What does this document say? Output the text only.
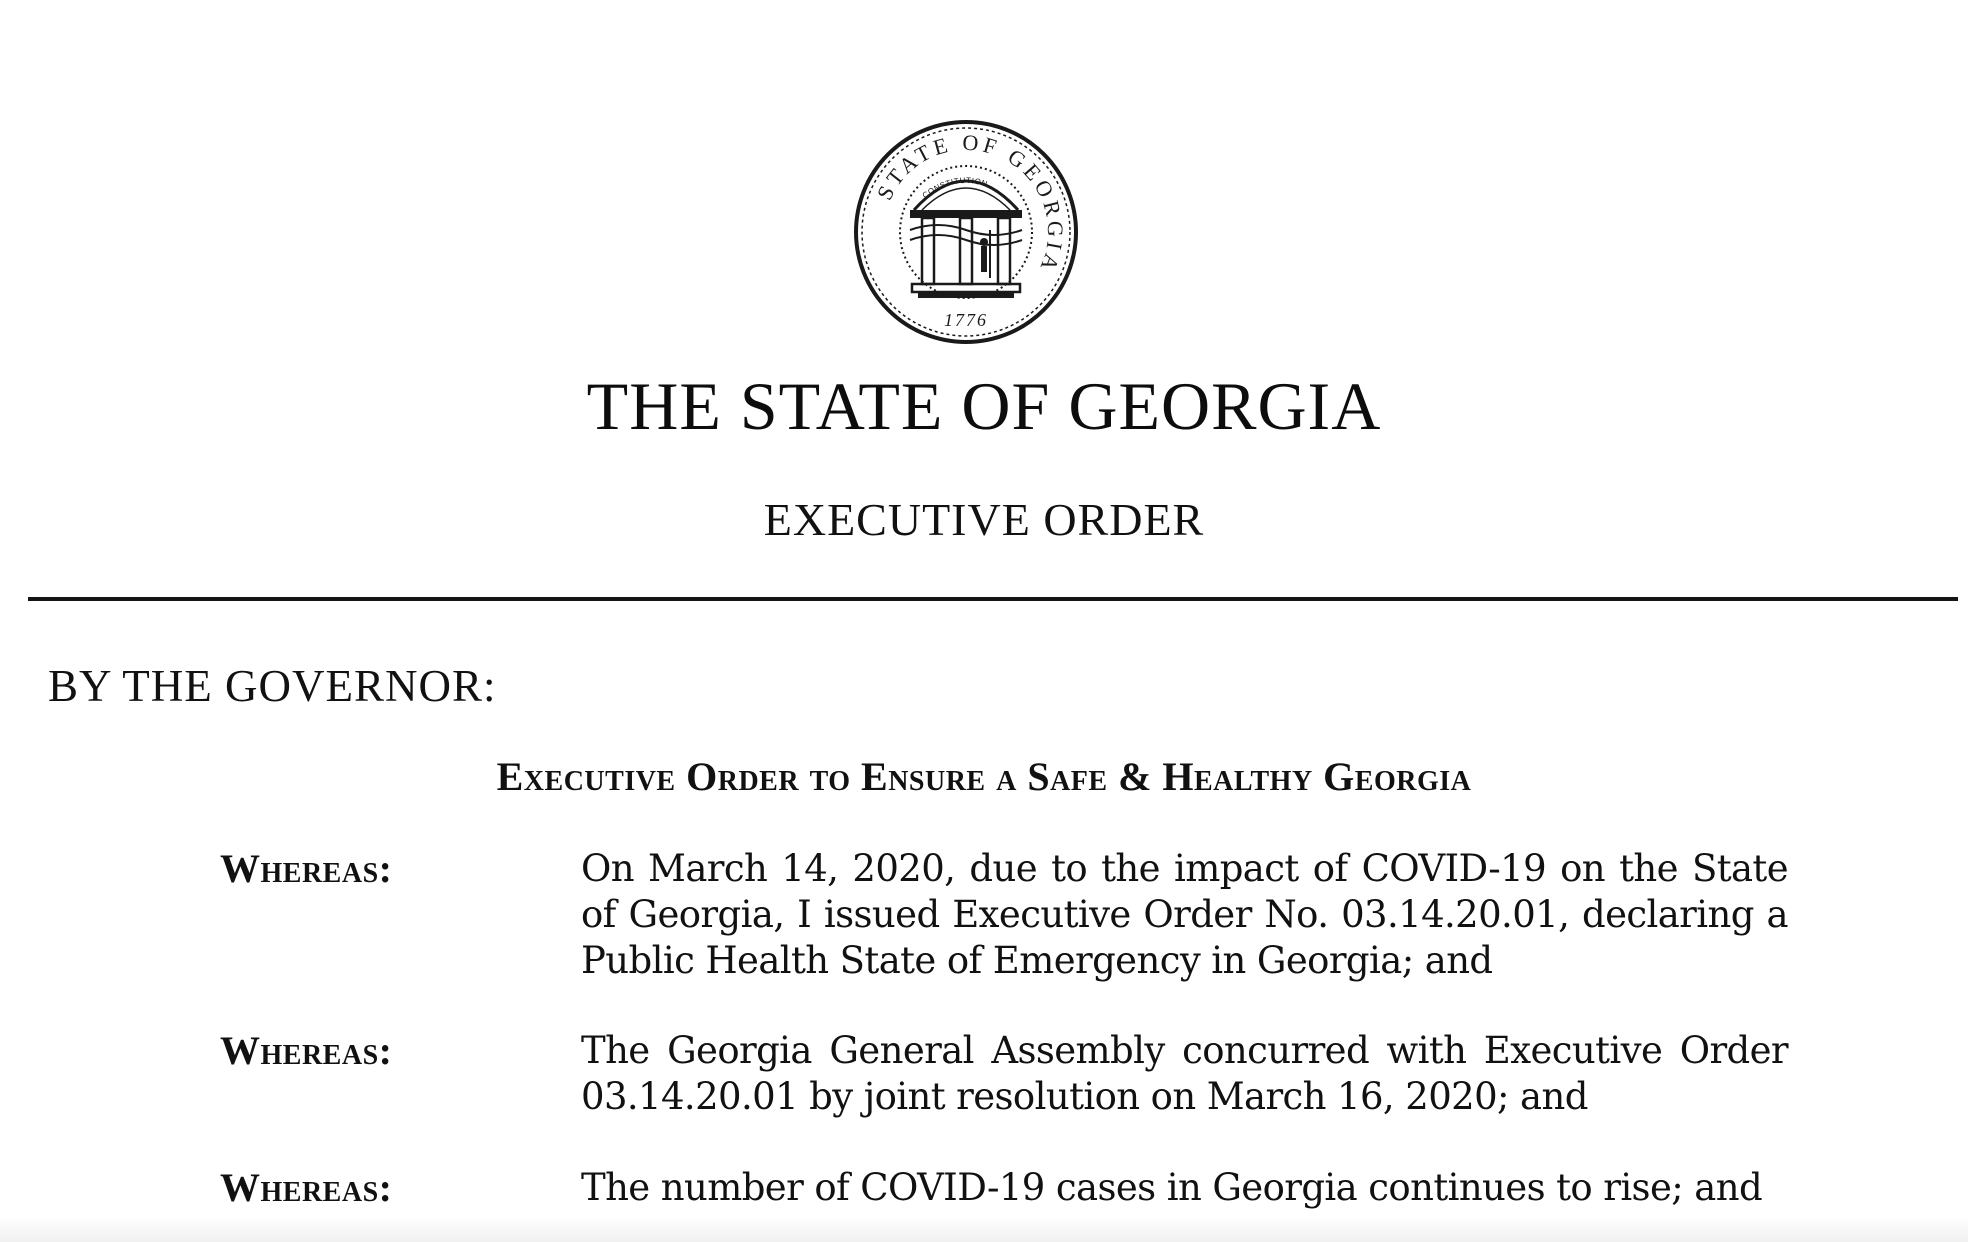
STATE OF GEORGIA
CONSTITUTION
1776
THE STATE OF GEORGIA
EXECUTIVE ORDER
BY THE GOVERNOR:
Executive Order to Ensure a Safe & Healthy Georgia
Whereas:	On March 14, 2020, due to the impact of COVID-19 on the State of Georgia, I issued Executive Order No. 03.14.20.01, declaring a Public Health State of Emergency in Georgia; and
Whereas:	The Georgia General Assembly concurred with Executive Order 03.14.20.01 by joint resolution on March 16, 2020; and
Whereas:	The number of COVID-19 cases in Georgia continues to rise; and
